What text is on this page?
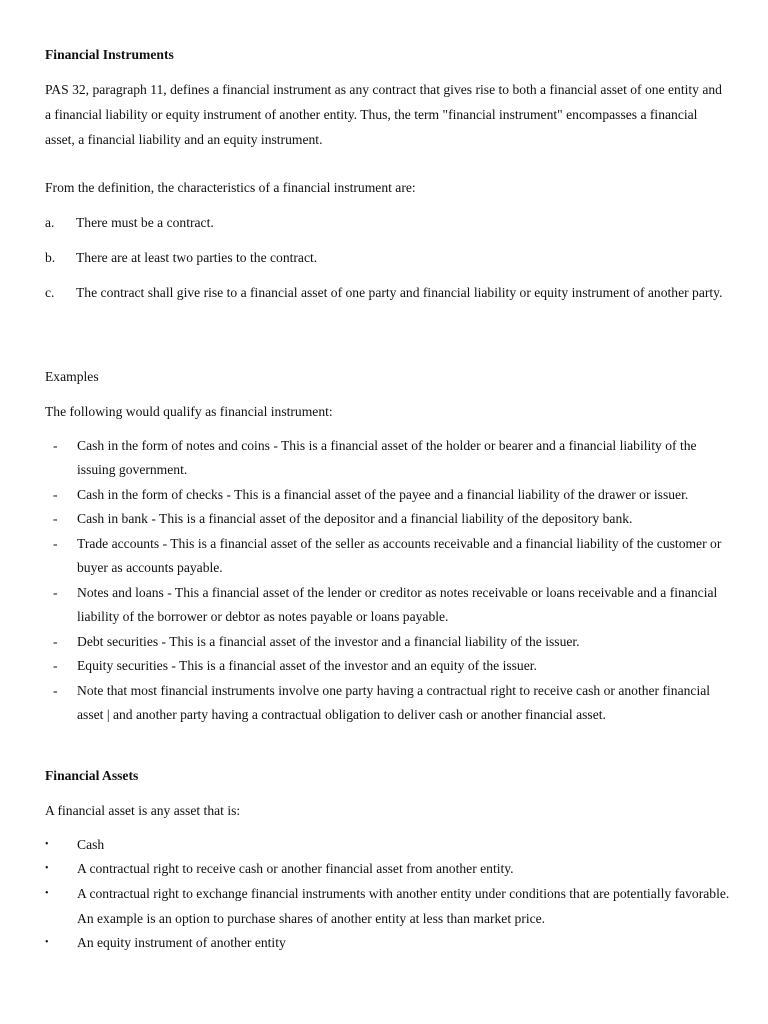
Financial Instruments
PAS 32, paragraph 11, defines a financial instrument as any contract that gives rise to both a financial asset of one entity and a financial liability or equity instrument of another entity. Thus, the term "financial instrument" encompasses a financial asset, a financial liability and an equity instrument.
From the definition, the characteristics of a financial instrument are:
a.	There must be a contract.
b.	There are at least two parties to the contract.
c. The contract shall give rise to a financial asset of one party and financial liability or equity instrument of another party.
Examples
The following would qualify as financial instrument:
-	Cash in the form of notes and coins - This is a financial asset of the holder or bearer and a financial liability of the issuing government.
-	Cash in the form of checks - This is a financial asset of the payee and a financial liability of the drawer or issuer.
-	Cash in bank - This is a financial asset of the depositor and a financial liability of the depository bank.
-	Trade accounts - This is a financial asset of the seller as accounts receivable and a financial liability of the customer or buyer as accounts payable.
-	Notes and loans - This a financial asset of the lender or creditor as notes receivable or loans receivable and a financial liability of the borrower or debtor as notes payable or loans payable.
-	Debt securities - This is a financial asset of the investor and a financial liability of the issuer.
-	Equity securities - This is a financial asset of the investor and an equity of the issuer.
-	Note that most financial instruments involve one party having a contractual right to receive cash or another financial asset | and another party having a contractual obligation to deliver cash or another financial asset.
Financial Assets
A financial asset is any asset that is:
•	Cash
•	A contractual right to receive cash or another financial asset from another entity.
•	A contractual right to exchange financial instruments with another entity under conditions that are potentially favorable. An example is an option to purchase shares of another entity at less than market price.
•	An equity instrument of another entity
